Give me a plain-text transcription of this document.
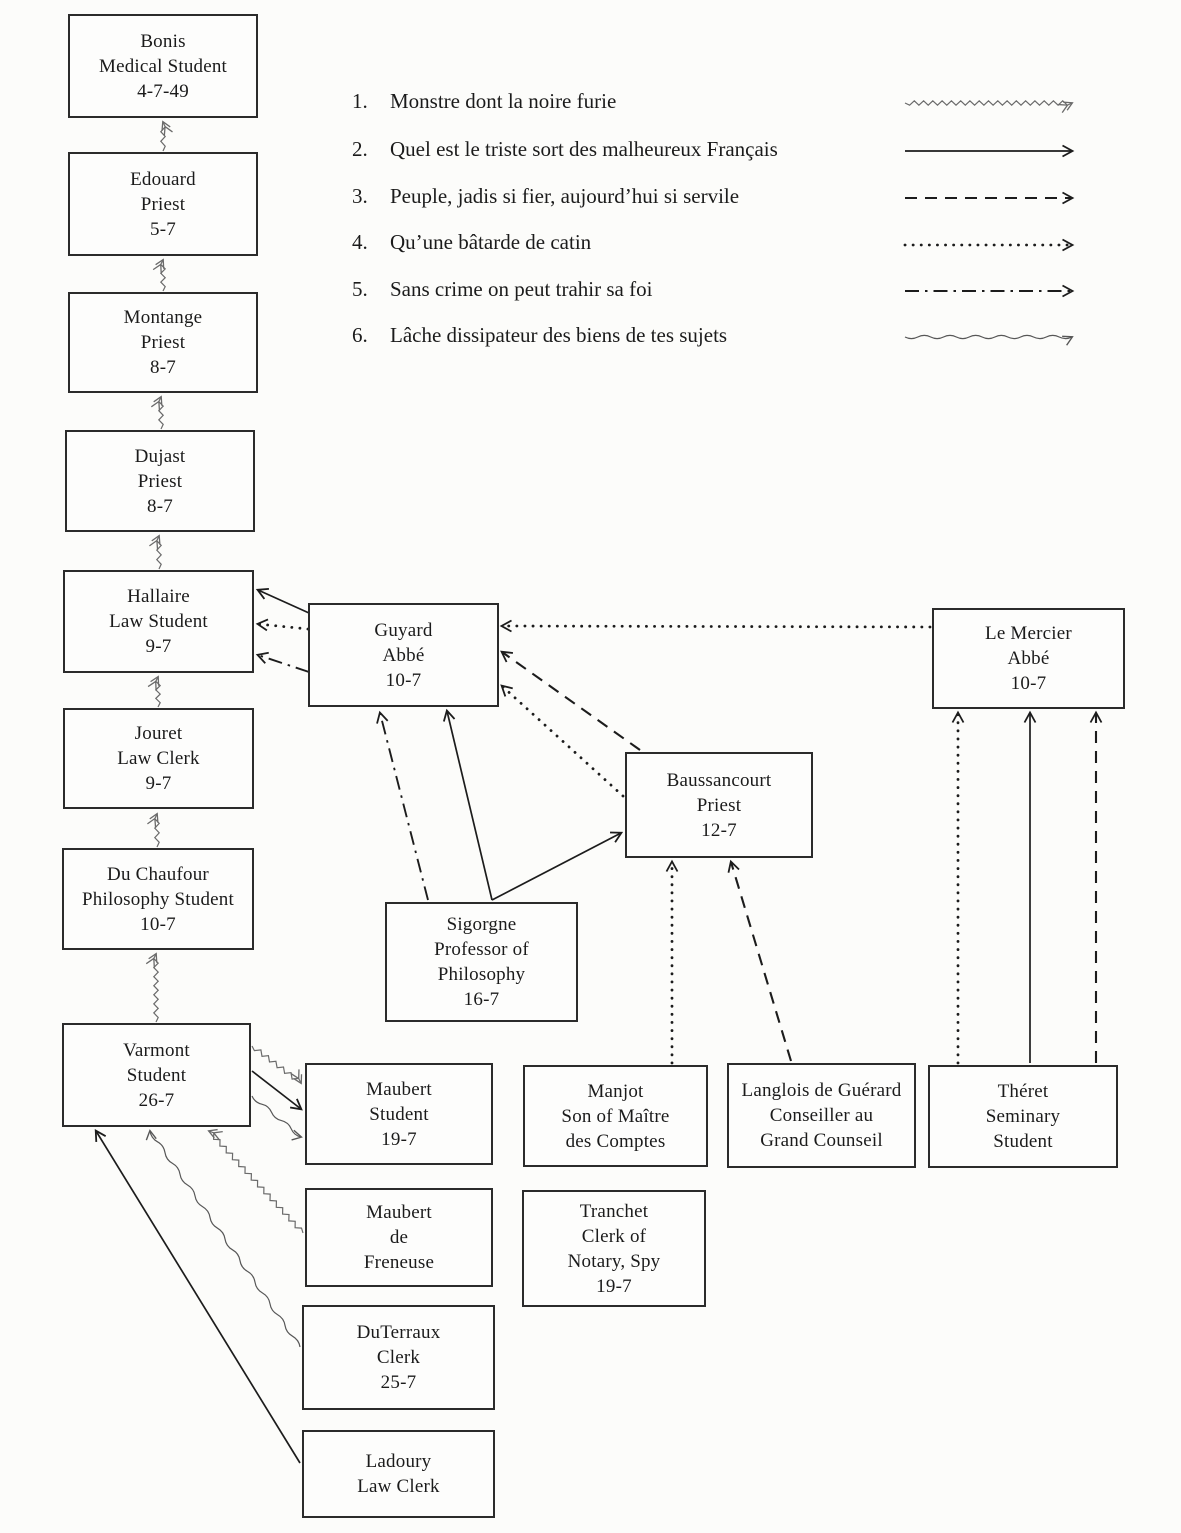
1.	Monstre dont la noire furie
2.	Quel est le triste sort des malheureux Français
3.	Peuple, jadis si fier, aujourd’hui si servile
4.	Qu’une bâtarde de catin
5.	Sans crime on peut trahir sa foi
6.	Lâche dissipateur des biens de tes sujets
Bonis
Medical Student
4-7-49
Edouard
Priest
5-7
Montange
Priest
8-7
Dujast
Priest
8-7
Hallaire
Law Student
9-7
Jouret
Law Clerk
9-7
Du Chaufour
Philosophy Student
10-7
Varmont
Student
26-7
Guyard
Abbé
10-7
Baussancourt
Priest
12-7
Sigorgne
Professor of
Philosophy
16-7
Le Mercier
Abbé
10-7
Maubert
Student
19-7
Manjot
Son of Maître
des Comptes
Langlois de Guérard
Conseiller au
Grand Counseil
Théret
Seminary
Student
Maubert
de
Freneuse
Tranchet
Clerk of
Notary, Spy
19-7
DuTerraux
Clerk
25-7
Ladoury
Law Clerk
